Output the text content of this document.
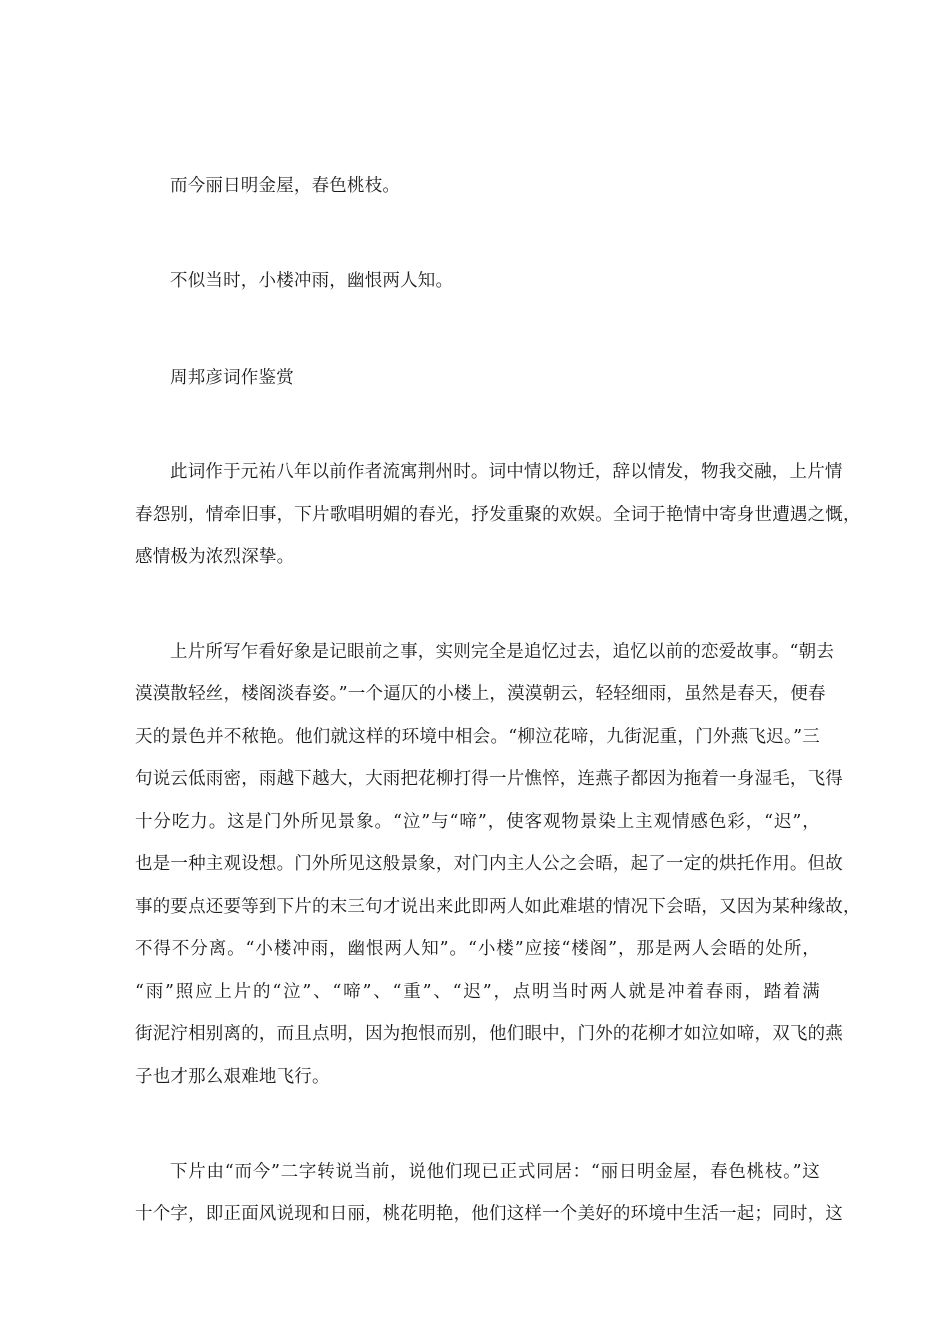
而今丽日明金屋，春色桃枝。
不似当时，小楼冲雨，幽恨两人知。
周邦彦词作鉴赏
此词作于元祐八年以前作者流寓荆州时。词中情以物迁，辞以情发，物我交融，上片情
春怨别，情牵旧事，下片歌唱明媚的春光，抒发重聚的欢娱。全词于艳情中寄身世遭遇之慨，
感情极为浓烈深挚。
上片所写乍看好象是记眼前之事，实则完全是追忆过去，追忆以前的恋爱故事。“朝去
漠漠散轻丝，楼阁淡春姿。”一个逼仄的小楼上，漠漠朝云，轻轻细雨，虽然是春天，便春
天的景色并不秾艳。他们就这样的环境中相会。“柳泣花啼，九街泥重，门外燕飞迟。”三
句说云低雨密，雨越下越大，大雨把花柳打得一片憔悴，连燕子都因为拖着一身湿毛，飞得
十分吃力。这是门外所见景象。“泣”与“啼”，使客观物景染上主观情感色彩，“迟”，
也是一种主观设想。门外所见这般景象，对门内主人公之会晤，起了一定的烘托作用。但故
事的要点还要等到下片的末三句才说出来此即两人如此难堪的情况下会晤，又因为某种缘故，
不得不分离。“小楼冲雨，幽恨两人知”。“小楼”应接“楼阁”，那是两人会晤的处所，
“雨”照应上片的“泣”、“啼”、“重”、“迟”，点明当时两人就是冲着春雨，踏着满
街泥泞相别离的，而且点明，因为抱恨而别，他们眼中，门外的花柳才如泣如啼，双飞的燕
子也才那么艰难地飞行。
下片由“而今”二字转说当前，说他们现已正式同居：“丽日明金屋，春色桃枝。”这
十个字，即正面风说现和日丽，桃花明艳，他们这样一个美好的环境中生活一起；同时，这
